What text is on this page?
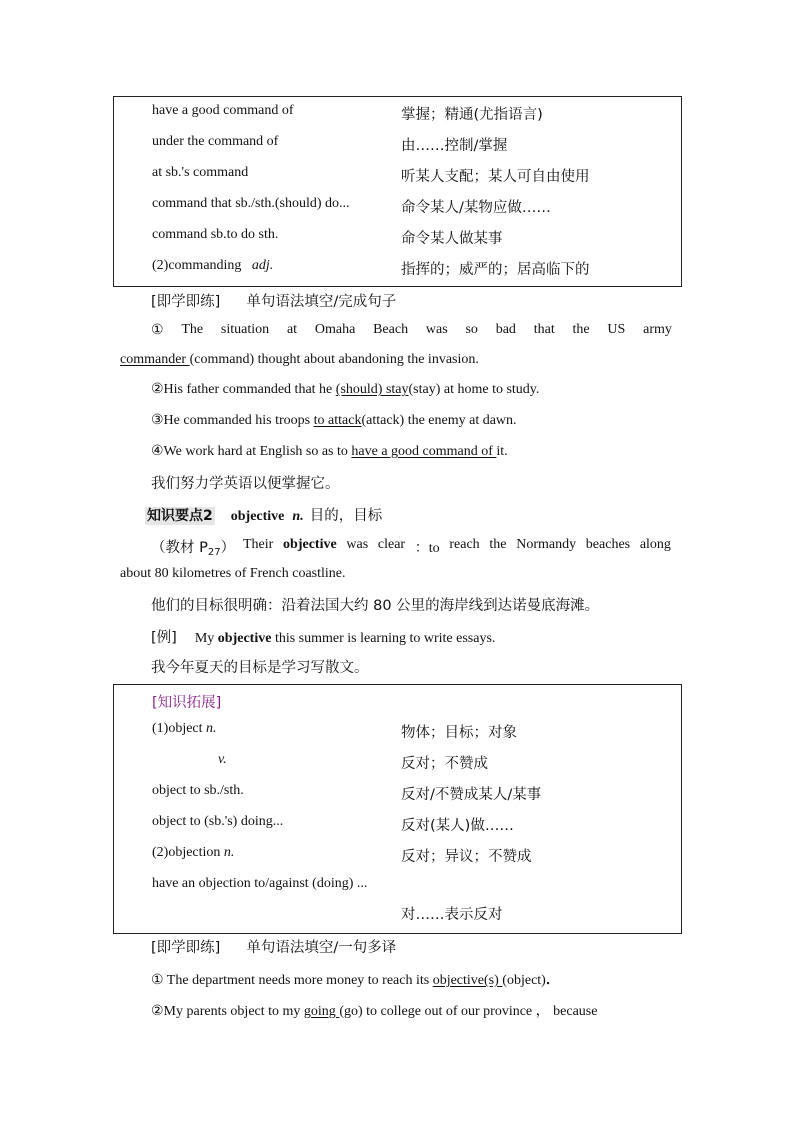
have a good command of	掌握；精通(尤指语言)
under the command of	由……控制/掌握
at sb.'s command	听某人支配；某人可自由使用
command that sb./sth.(should) do...	命令某人/某物应做……
command sb.to do sth.	命令某人做某事
(2)commanding adj.	指挥的；威严的；居高临下的
[即学即练] 单句语法填空/完成句子
① The situation at Omaha Beach was so bad that the US army
commander (command) thought about abandoning the invasion.
②His father commanded that he (should) stay(stay) at home to study.
③He commanded his troops to attack(attack) the enemy at dawn.
④We work hard at English so as to have a good command of it.
我们努力学英语以便掌握它。
知识要点2 objective n. 目的，目标
（教材 P27） Their objective was clear ：to reach the Normandy beaches along
about 80 kilometres of French coastline.
他们的目标很明确：沿着法国大约 80 公里的海岸线到达诺曼底海滩。
[例] My objective this summer is learning to write essays.
我今年夏天的目标是学习写散文。
[知识拓展]
(1)object n.	物体；目标；对象
v.	反对；不赞成
object to sb./sth.	反对/不赞成某人/某事
object to (sb.'s) doing...	反对(某人)做……
(2)objection n.	反对；异议；不赞成
have an objection to/against (doing) ...
对……表示反对
[即学即练] 单句语法填空/一句多译
① The department needs more money to reach its objective(s) (object)．
②My parents object to my going (go) to college out of our province ， because
